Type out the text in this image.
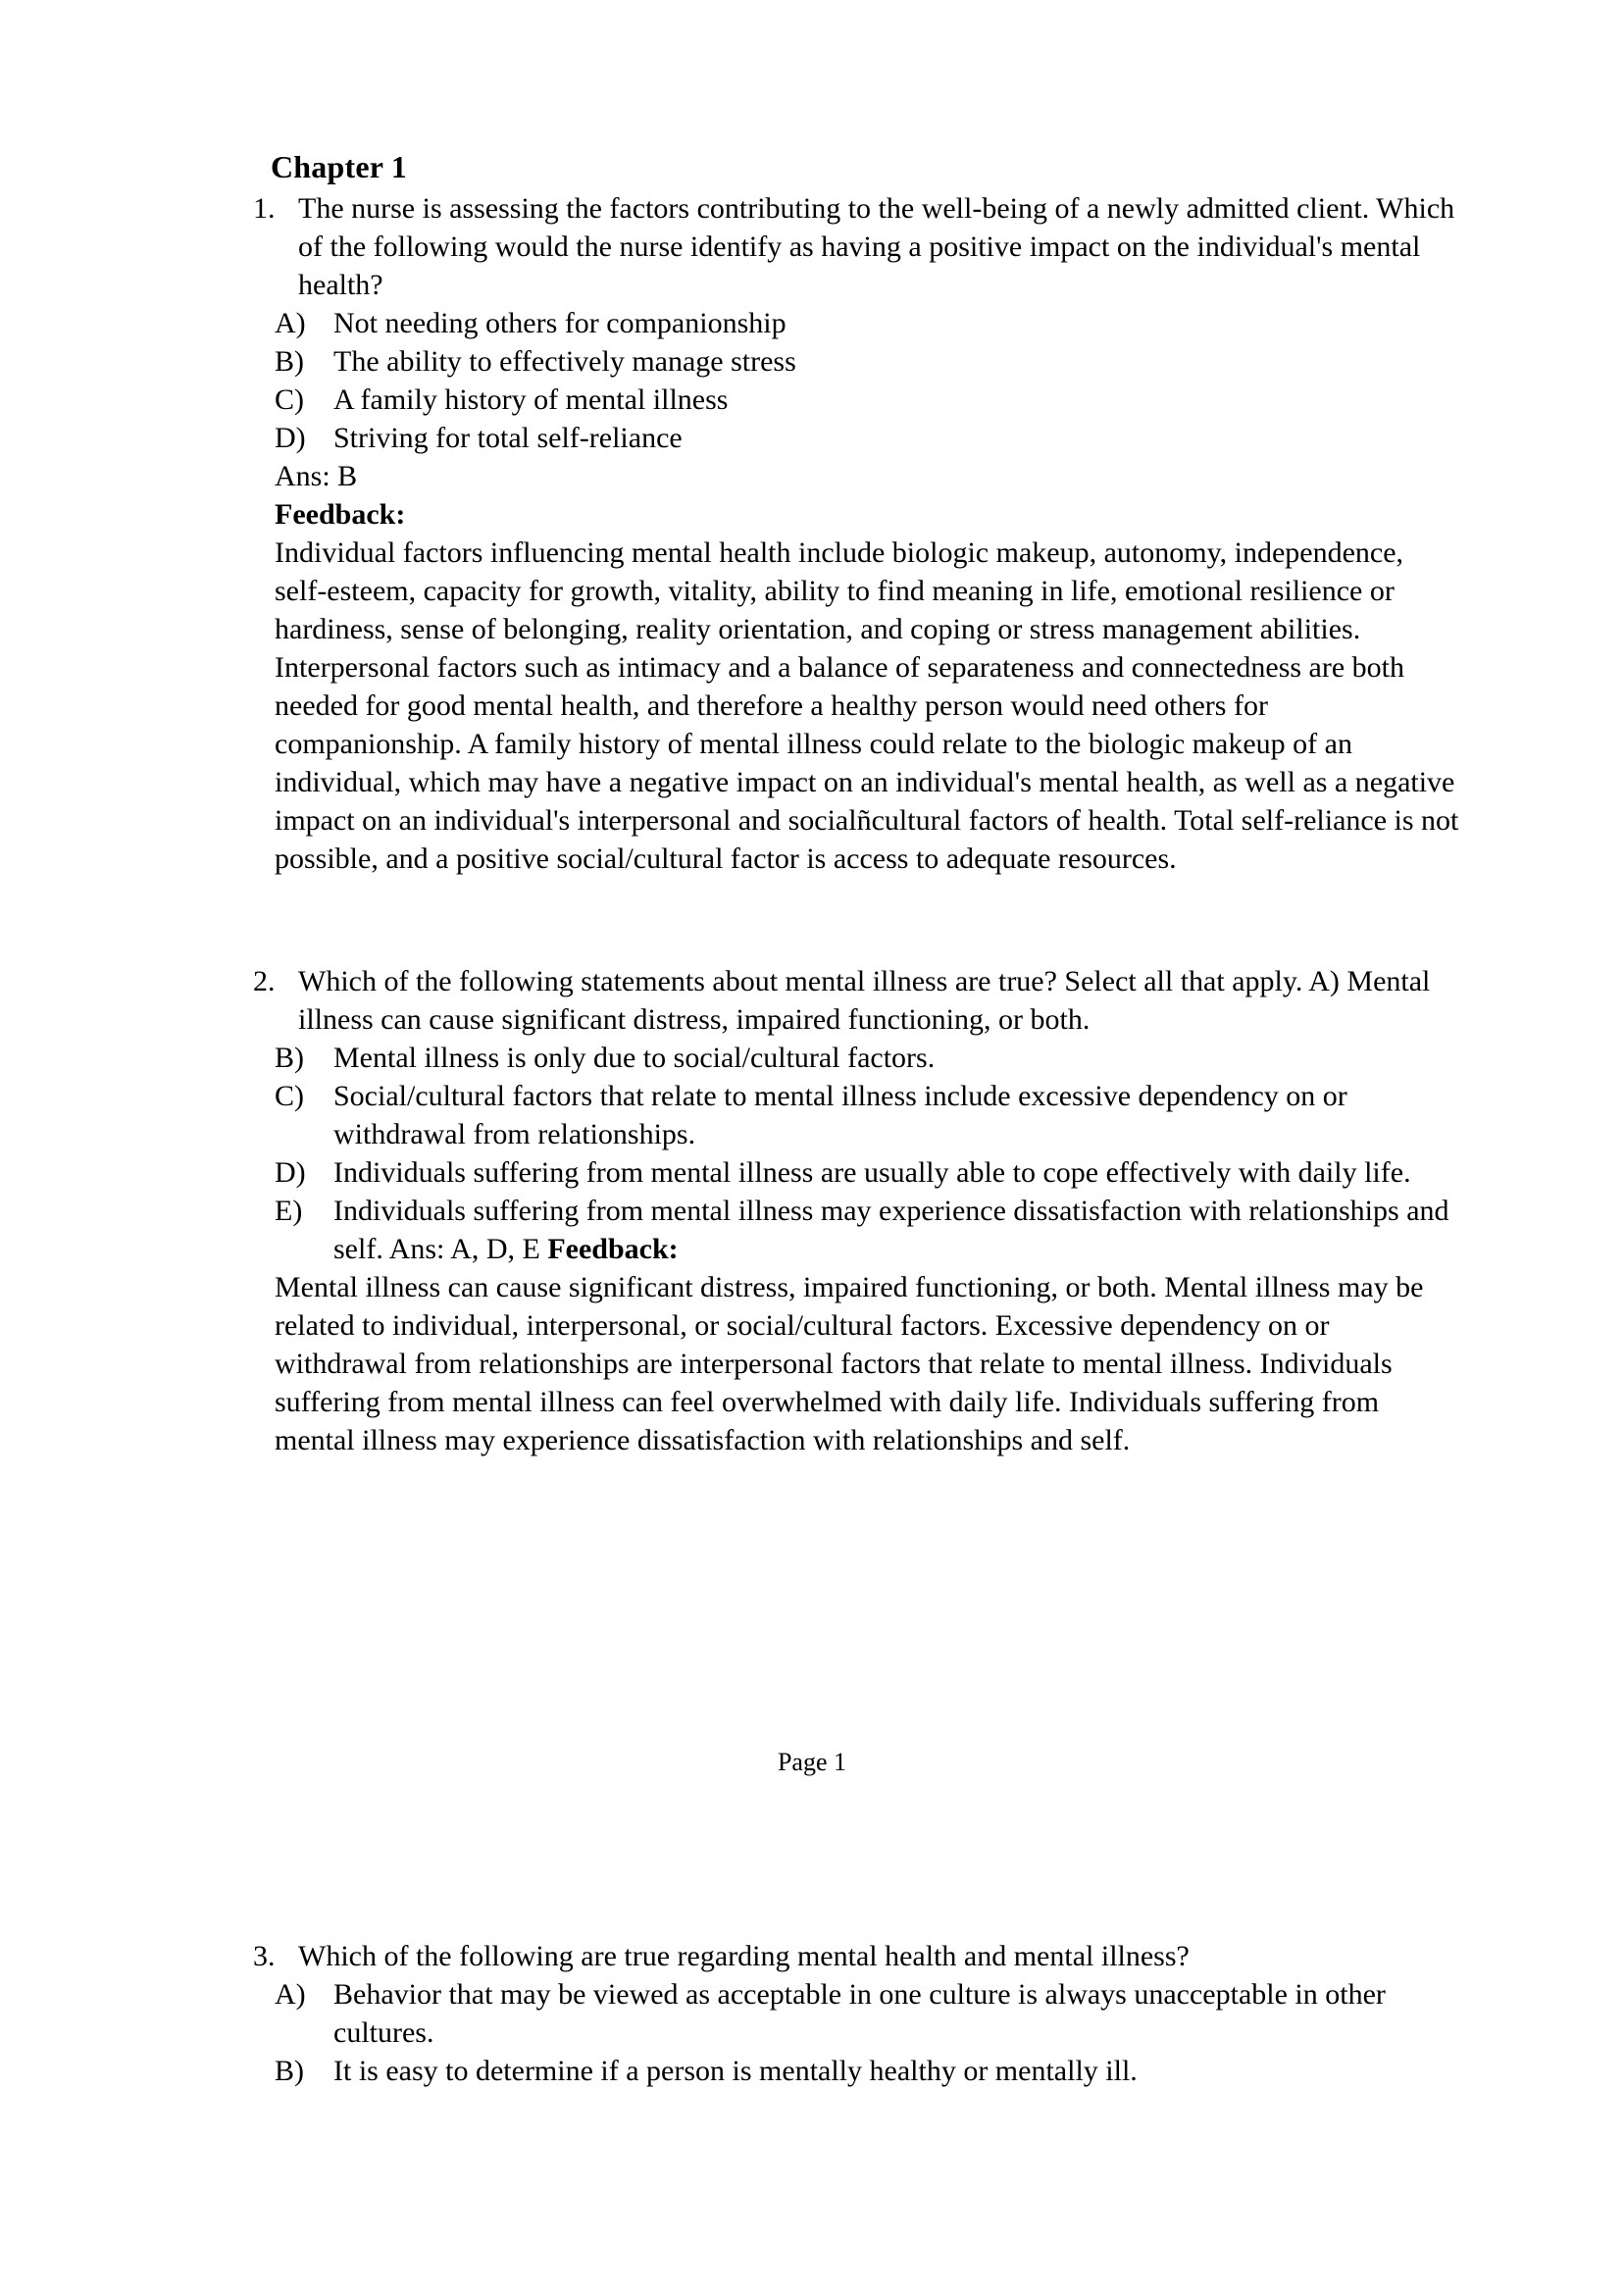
Chapter 1
1. The nurse is assessing the factors contributing to the well-being of a newly admitted client. Which of the following would the nurse identify as having a positive impact on the individual's mental health?
A) Not needing others for companionship
B)	The ability to effectively manage stress
C)	A family history of mental illness
D) Striving for total self-reliance
Ans: B
Feedback:

Individual factors influencing mental health include biologic makeup, autonomy, independence, self-esteem, capacity for growth, vitality, ability to find meaning in life, emotional resilience or hardiness, sense of belonging, reality orientation, and coping or stress management abilities. Interpersonal factors such as intimacy and a balance of separateness and connectedness are both needed for good mental health, and therefore a healthy person would need others for companionship. A family history of mental illness could relate to the biologic makeup of an individual, which may have a negative impact on an individual's mental health, as well as a negative impact on an individual's interpersonal and socialñcultural factors of health. Total self-reliance is not possible, and a positive social/cultural factor is access to adequate resources.

2. Which of the following statements about mental illness are true? Select all that apply. A) Mental illness can cause significant distress, impaired functioning, or both.
B)	Mental illness is only due to social/cultural factors.
C)	Social/cultural factors that relate to mental illness include excessive dependency on or withdrawal from relationships.
D) Individuals suffering from mental illness are usually able to cope effectively with daily life.
E)	Individuals suffering from mental illness may experience dissatisfaction with relationships and self. Ans: A, D, E Feedback:

Mental illness can cause significant distress, impaired functioning, or both. Mental illness may be related to individual, interpersonal, or social/cultural factors. Excessive dependency on or withdrawal from relationships are interpersonal factors that relate to mental illness. Individuals suffering from mental illness can feel overwhelmed with daily life. Individuals suffering from mental illness may experience dissatisfaction with relationships and self.

Page 1
3. Which of the following are true regarding mental health and mental illness?
A) Behavior that may be viewed as acceptable in one culture is always unacceptable in other cultures.
B)	It is easy to determine if a person is mentally healthy or mentally ill.
